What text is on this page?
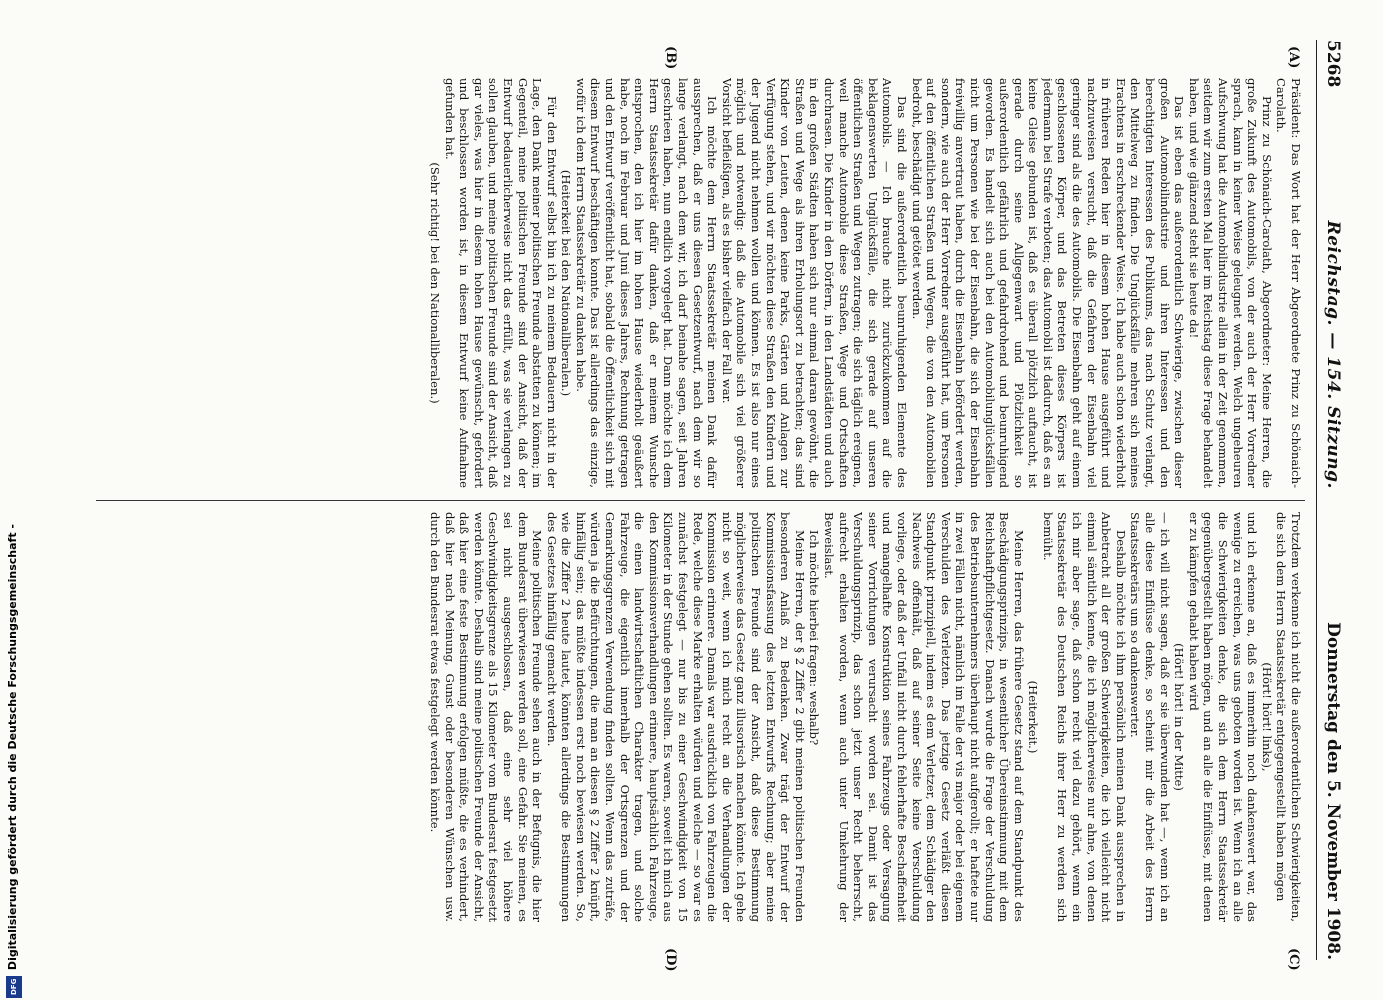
5268
Reichstag. — 154. Sitzung.
Donnerstag den 5. November 1908.
(A)
(B)
(C)
(D)

Präsident: Das Wort hat der Herr Abgeordnete Prinz zu Schönaich-Carolath.

Prinz zu Schönaich-Carolath, Abgeordneter: Meine Herren, die große Zukunft des Automobils, von der auch der Herr Vorredner sprach, kann in keiner Weise geleugnet werden. Welch ungeheuren Aufschwung hat die Automobilindustrie allein in der Zeit genommen, seitdem wir zum ersten Mal hier im Reichstag diese Frage behandelt haben, und wie glänzend steht sie heute da!

Das ist eben das außerordentlich Schwierige, zwischen dieser großen Automobilindustrie und ihren Interessen und den berechtigten Interessen des Publikums, das nach Schutz verlangt, den Mittelweg zu finden. Die Unglücksfälle mehren sich meines Erachtens in erschreckender Weise. Ich habe auch schon wiederholt in früheren Reden hier in diesem hohen Hause ausgeführt und nachzuweisen versucht, daß die Gefahren der Eisenbahn viel geringer sind als die des Automobils. Die Eisenbahn geht auf einem geschlossenen Körper, und das Betreten dieses Körpers ist jedermann bei Strafe verboten; das Automobil ist dadurch, daß es an keine Gleise gebunden ist, daß es überall plötzlich auftaucht, ist gerade durch seine Allgegenwart und Plötzlichkeit so außerordentlich gefährlich und gefahrdrohend und beunruhigend geworden. Es handelt sich auch bei den Automobilunglücksfällen nicht um Personen wie bei der Eisenbahn, die sich der Eisenbahn freiwillig anvertraut haben, durch die Eisenbahn befördert werden, sondern, wie auch der Herr Vorredner ausgeführt hat, um Personen auf den öffentlichen Straßen und Wegen, die von den Automobilen bedroht, beschädigt und getötet werden.

Das sind die außerordentlich beunruhigenden Elemente des Automobils. — Ich brauche nicht zurückzukommen auf die beklagenswerten Unglücksfälle, die sich gerade auf unseren öffentlichen Straßen und Wegen zutragen; die sich täglich ereignen, weil manche Automobile diese Straßen, Wege und Ortschaften durchrasen. Die Kinder in den Dörfern, in den Landstädten und auch in den großen Städten haben sich nur einmal daran gewöhnt, die Straßen und Wege als ihren Erholungsort zu betrachten; das sind Kinder von Leuten, denen keine Parks, Gärten und Anlagen zur Verfügung stehen, und wir möchten diese Straßen den Kindern und der Jugend nicht nehmen wollen und können. Es ist also nur eines möglich und notwendig: daß die Automobile sich viel größerer Vorsicht befleißigen, als es bisher vielfach der Fall war.

Ich möchte dem Herrn Staatssekretär meinen Dank dafür aussprechen, daß er uns diesen Gesetzentwurf, nach dem wir so lange verlangt, nach dem wir, ich darf beinahe sagen, seit Jahren geschrieen haben, nun endlich vorgelegt hat. Dann möchte ich dem Herrn Staatssekretär dafür danken, daß er meinem Wunsche entsprochen, den ich hier im hohen Hause wiederholt geäußert habe, noch im Februar und Juni dieses Jahres, Rechnung getragen und den Entwurf veröffentlicht hat, sobald die Öffentlichkeit sich mit diesem Entwurf beschäftigen konnte. Das ist allerdings das einzige, wofür ich dem Herrn Staatssekretär zu danken habe.

(Heiterkeit bei den Nationalliberalen.)

Für den Entwurf selbst bin ich zu meinem Bedauern nicht in der Lage, den Dank meiner politischen Freunde abstatten zu können; im Gegenteil, meine politischen Freunde sind der Ansicht, daß der Entwurf bedauerlicherweise nicht das erfüllt, was sie verlangen zu sollen glauben, und meine politischen Freunde sind der Ansicht, daß gar vieles, was hier in diesem hohen Hause gewünscht, gefordert und beschlossen worden ist, in diesem Entwurf keine Aufnahme gefunden hat.

(Sehr richtig! bei den Nationalliberalen.)

Trotzdem verkenne ich nicht die außerordentlichen Schwierigkeiten, die sich dem Herrn Staatssekretär entgegengestellt haben mögen

(Hört! hört! links),

und ich erkenne an, daß es immerhin noch dankenswert war, das wenige zu erreichen, was uns geboten worden ist. Wenn ich an alle die Schwierigkeiten denke, die sich dem Herrn Staatssekretär gegenübergestellt haben mögen, und an alle die Einflüsse, mit denen er zu kämpfen gehabt haben wird

(Hört! hört! in der Mitte)

— ich will nicht sagen, daß er sie überwunden hat —, wenn ich an alle diese Einflüsse denke, so scheint mir die Arbeit des Herrn Staatssekretärs um so dankenswerter.

Deshalb möchte ich ihm persönlich meinen Dank aussprechen in Anbetracht all der großen Schwierigkeiten, die ich vielleicht nicht einmal sämtlich kenne, die ich möglicherweise nur ahne, von denen ich mir aber sage, daß schon recht viel dazu gehört, wenn ein Staatssekretär des Deutschen Reichs ihrer Herr zu werden sich bemüht.

(Heiterkeit.)

Meine Herren, das frühere Gesetz stand auf dem Standpunkt des Beschädigungsprinzips, in wesentlicher Übereinstimmung mit dem Reichshaftpflichtgesetz. Danach wurde die Frage der Verschuldung des Betriebsunternehmers überhaupt nicht aufgerollt; er haftete nur in zwei Fällen nicht, nämlich im Falle der vis major oder bei eigenem Verschulden des Verletzten. Das jetzige Gesetz verläßt diesen Standpunkt prinzipiell, indem es dem Verletzer, dem Schädiger den Nachweis offenhält, daß auf seiner Seite keine Verschuldung vorliege, oder daß der Unfall nicht durch fehlerhafte Beschaffenheit und mangelhafte Konstruktion seines Fahrzeugs oder Versagung seiner Vorrichtungen verursacht worden sei. Damit ist das Verschuldungsprinzip, das schon jetzt unser Recht beherrscht, aufrecht erhalten worden, wenn auch unter Umkehrung der Beweislast.

Ich möchte hierbei fragen: weshalb?

Meine Herren, der § 2 Ziffer 2 gibt meinen politischen Freunden besonderen Anlaß zu Bedenken. Zwar trägt der Entwurf der Kommissionsfassung des letzten Entwurfs Rechnung; aber meine politischen Freunde sind der Ansicht, daß diese Bestimmung möglicherweise das Gesetz ganz illusorisch machen könnte. Ich gehe nicht so weit, wenn ich mich recht an die Verhandlungen der Kommission erinnere. Damals war ausdrücklich von Fahrzeugen die Rede, welche diese Marke erhalten würden und welche — so war es zunächst festgelegt — nur bis zu einer Geschwindigkeit von 15 Kilometer in der Stunde gehen sollten. Es waren, soweit ich mich aus den Kommissionsverhandlungen erinnere, hauptsächlich Fahrzeuge, die einen landwirtschaftlichen Charakter tragen, und solche Fahrzeuge, die eigentlich innerhalb der Ortsgrenzen und der Gemarkungsgrenzen Verwendung finden sollten. Wenn das zuträfe, würden ja die Befürchtungen, die man an diesen § 2 Ziffer 2 knüpft, hinfällig sein; das müßte indessen erst noch bewiesen werden. So, wie die Ziffer 2 heute lautet, könnten allerdings die Bestimmungen des Gesetzes hinfällig gemacht werden.

Meine politischen Freunde sehen auch in der Befugnis, die hier dem Bundesrat überwiesen werden soll, eine Gefahr. Sie meinen, es sei nicht ausgeschlossen, daß eine sehr viel höhere Geschwindigkeitsgrenze als 15 Kilometer vom Bundesrat festgesetzt werden könnte. Deshalb sind meine politischen Freunde der Ansicht, daß hier eine feste Bestimmung erfolgen müßte, die es verhindert, daß hier nach Meinung, Gunst oder besonderen Wünschen usw. durch den Bundesrat etwas festgelegt werden könnte.

Digitalisierung gefördert durch die Deutsche Forschungsgemeinschaft -
DFG
